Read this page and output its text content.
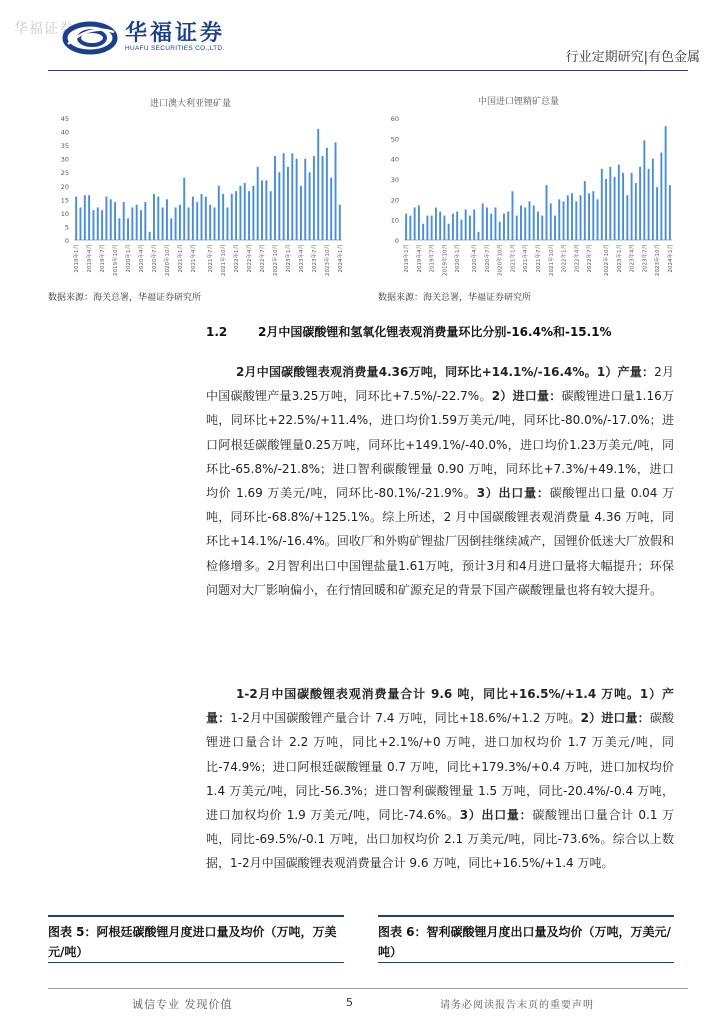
华福证券 华福证券
HUAFU SECURITIES CO.,LTD.
行业定期研究|有色金属
进口澳大利亚锂矿量
0
5
10
15
20
25
30
35
40
45
2019年1月	2019年4月	2019年7月	2019年10月	2020年1月	2020年4月	2020年7月	2020年10月	2021年1月	2021年4月	2021年7月	2021年10月	2022年1月	2022年4月	2022年7月	2022年10月	2023年1月	2023年4月	2023年7月	2023年10月	2024年1月
数据来源：海关总署，华福证券研究所
中国进口锂精矿总量
0
10
20
30
40
50
60
2019年1月	2019年4月	2019年7月	2019年10月	2020年1月	2020年4月	2020年7月	2020年10月	2021年1月	2021年4月	2021年7月	2021年10月	2022年1月	2022年4月	2022年7月	2022年10月	2023年1月	2023年4月	2023年7月	2023年10月	2024年1月
数据来源：海关总署，华福证券研究所
1.2	2月中国碳酸锂和氢氧化锂表观消费量环比分别-16.4%和-15.1%
2月中国碳酸锂表观消费量4.36万吨，同环比+14.1%/-16.4%。1）产量：2月中国碳酸锂产量3.25万吨，同环比+7.5%/-22.7%。2）进口量：碳酸锂进口量1.16万吨，同环比+22.5%/+11.4%，进口均价1.59万美元/吨，同环比-80.0%/-17.0%；进口阿根廷碳酸锂量0.25万吨，同环比+149.1%/-40.0%，进口均价1.23万美元/吨，同环比-65.8%/-21.8%；进口智利碳酸锂量 0.90 万吨，同环比+7.3%/+49.1%，进口均价 1.69 万美元/吨，同环比-80.1%/-21.9%。3）出口量：碳酸锂出口量 0.04 万吨，同环比-68.8%/+125.1%。综上所述，2 月中国碳酸锂表观消费量 4.36 万吨，同环比+14.1%/-16.4%。回收厂和外购矿锂盐厂因倒挂继续减产，国锂价低迷大厂放假和检修增多。2月智利出口中国锂盐量1.61万吨，预计3月和4月进口量将大幅提升；环保问题对大厂影响偏小，在行情回暖和矿源充足的背景下国产碳酸锂量也将有较大提升。
1-2月中国碳酸锂表观消费量合计 9.6 吨，同比+16.5%/+1.4 万吨。1）产量：1-2月中国碳酸锂产量合计 7.4 万吨，同比+18.6%/+1.2 万吨。2）进口量：碳酸锂进口量合计 2.2 万吨，同比+2.1%/+0 万吨，进口加权均价 1.7 万美元/吨，同比-74.9%；进口阿根廷碳酸锂量 0.7 万吨，同比+179.3%/+0.4 万吨，进口加权均价 1.4 万美元/吨，同比-56.3%；进口智利碳酸锂量 1.5 万吨，同比-20.4%/-0.4 万吨，进口加权均价 1.9 万美元/吨，同比-74.6%。3）出口量：碳酸锂出口量合计 0.1 万吨，同比-69.5%/-0.1 万吨，出口加权均价 2.1 万美元/吨，同比-73.6%。综合以上数据，1-2月中国碳酸锂表观消费量合计 9.6 万吨，同比+16.5%/+1.4 万吨。
图表 5：阿根廷碳酸锂月度进口量及均价（万吨，万美元/吨）
图表 6：智利碳酸锂月度出口量及均价（万吨，万美元/吨）
诚信专业 发现价值	5	请务必阅读报告末页的重要声明
